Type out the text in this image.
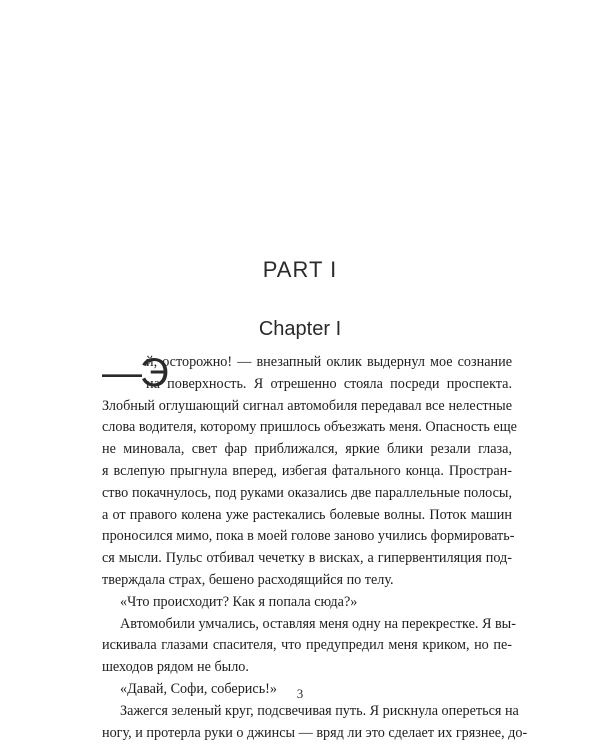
PART I
Chapter I
—Э
й, осторожно! — внезапный оклик выдернул мое сознание
на поверхность. Я отрешенно стояла посреди проспекта.
Злобный оглушающий сигнал автомобиля передавал все нелестные
слова водителя, которому пришлось объезжать меня. Опасность еще
не миновала, свет фар приближался, яркие блики резали глаза,
я вслепую прыгнула вперед, избегая фатального конца. Простран-
ство покачнулось, под руками оказались две параллельные полосы,
а от правого колена уже растекались болевые волны. Поток машин
проносился мимо, пока в моей голове заново учились формировать-
ся мысли. Пульс отбивал чечетку в висках, а гипервентиляция под-
тверждала страх, бешено расходящийся по телу.
«Что происходит? Как я попала сюда?»
Автомобили умчались, оставляя меня одну на перекрестке. Я вы-
искивала глазами спасителя, что предупредил меня криком, но пе-
шеходов рядом не было.
«Давай, Софи, соберись!»
Зажегся зеленый круг, подсвечивая путь. Я рискнула опереться на
ногу, и протерла руки о джинсы — вряд ли это сделает их грязнее, до-
3
